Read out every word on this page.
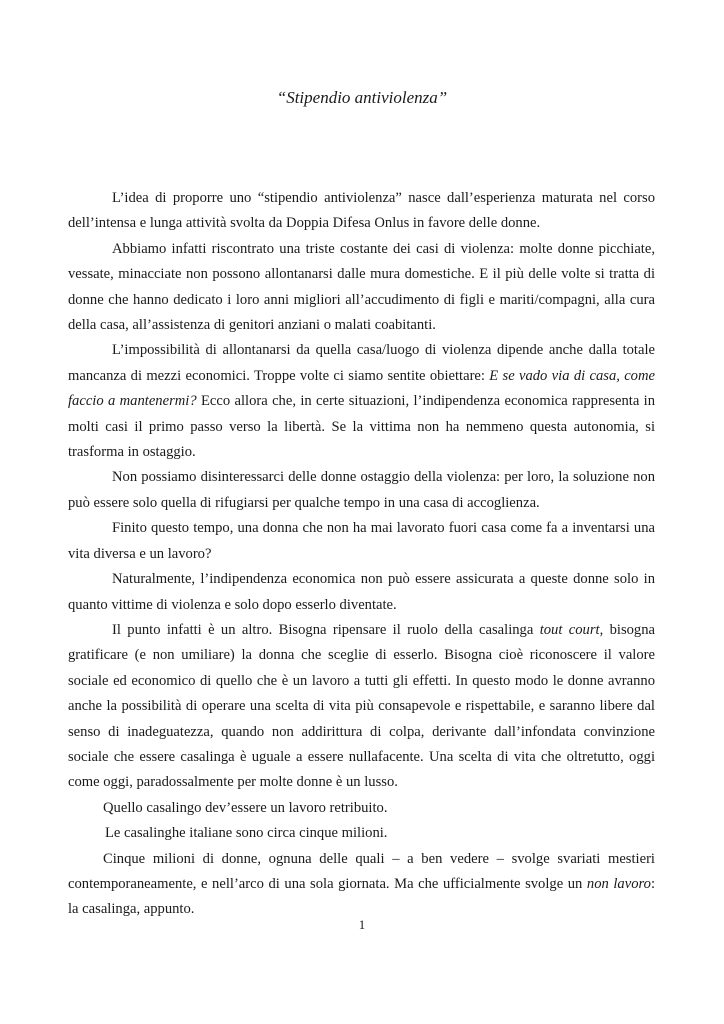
“Stipendio antiviolenza”

L’idea di proporre uno “stipendio antiviolenza” nasce dall’esperienza maturata nel corso dell’intensa e lunga attività svolta da Doppia Difesa Onlus in favore delle donne.

Abbiamo infatti riscontrato una triste costante dei casi di violenza: molte donne picchiate, vessate, minacciate non possono allontanarsi dalle mura domestiche. E il più delle volte si tratta di donne che hanno dedicato i loro anni migliori all’accudimento di figli e mariti/compagni, alla cura della casa, all’assistenza di genitori anziani o malati coabitanti.

L’impossibilità di allontanarsi da quella casa/luogo di violenza dipende anche dalla totale mancanza di mezzi economici. Troppe volte ci siamo sentite obiettare: E se vado via di casa, come faccio a mantenermi? Ecco allora che, in certe situazioni, l’indipendenza economica rappresenta in molti casi il primo passo verso la libertà. Se la vittima non ha nemmeno questa autonomia, si trasforma in ostaggio.

Non possiamo disinteressarci delle donne ostaggio della violenza: per loro, la soluzione non può essere solo quella di rifugiarsi per qualche tempo in una casa di accoglienza.

Finito questo tempo, una donna che non ha mai lavorato fuori casa come fa a inventarsi una vita diversa e un lavoro?

Naturalmente, l’indipendenza economica non può essere assicurata a queste donne solo in quanto vittime di violenza e solo dopo esserlo diventate.

Il punto infatti è un altro. Bisogna ripensare il ruolo della casalinga tout court, bisogna gratificare (e non umiliare) la donna che sceglie di esserlo. Bisogna cioè riconoscere il valore sociale ed economico di quello che è un lavoro a tutti gli effetti. In questo modo le donne avranno anche la possibilità di operare una scelta di vita più consapevole e rispettabile, e saranno libere dal senso di inadeguatezza, quando non addirittura di colpa, derivante dall’infondata convinzione sociale che essere casalinga è uguale a essere nullafacente. Una scelta di vita che oltretutto, oggi come oggi, paradossalmente per molte donne è un lusso.

Quello casalingo dev’essere un lavoro retribuito.

Le casalinghe italiane sono circa cinque milioni.

Cinque milioni di donne, ognuna delle quali – a ben vedere – svolge svariati mestieri contemporaneamente, e nell’arco di una sola giornata. Ma che ufficialmente svolge un non lavoro: la casalinga, appunto.

1
